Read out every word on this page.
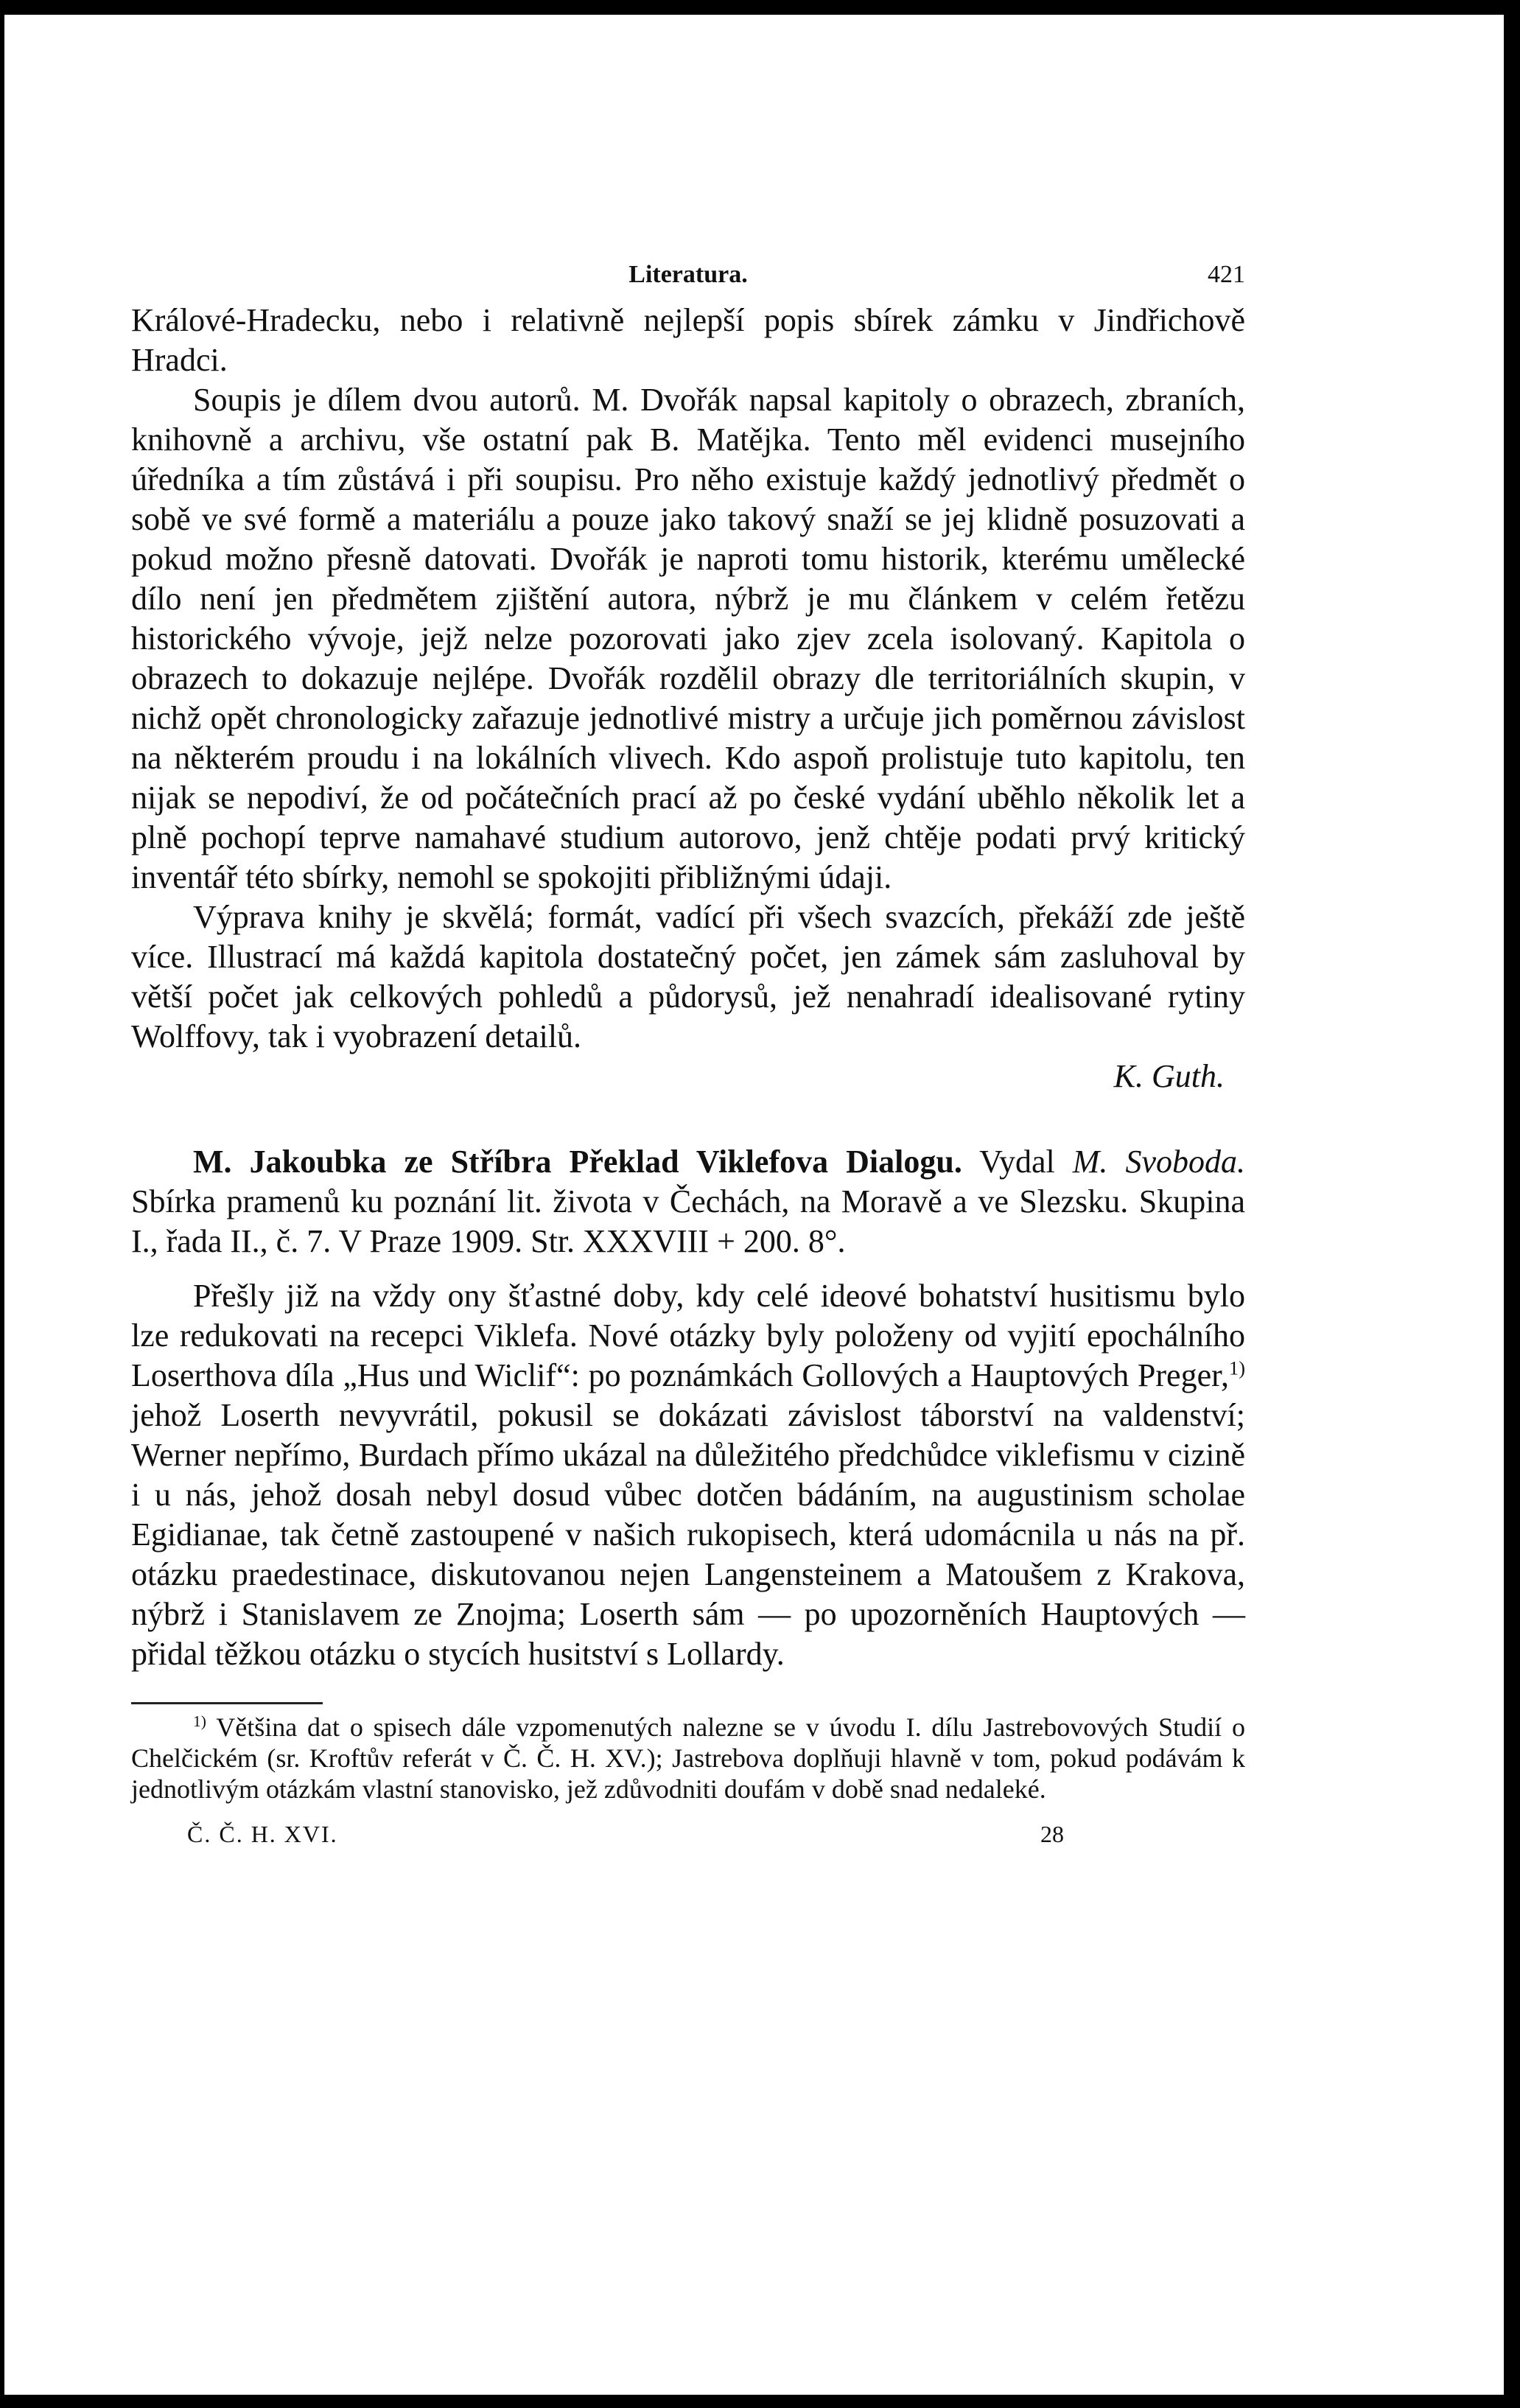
Literatura.	421

Králové-Hradecku, nebo i relativně nejlepší popis sbírek zámku v Jindřichově Hradci.

Soupis je dílem dvou autorů. M. Dvořák napsal kapitoly o obrazech, zbraních, knihovně a archivu, vše ostatní pak B. Matějka. Tento měl evidenci musejního úředníka a tím zůstává i při soupisu. Pro něho existuje každý jednotlivý předmět o sobě ve své formě a materiálu a pouze jako takový snaží se jej klidně posuzovati a pokud možno přesně datovati. Dvořák je naproti tomu historik, kterému umělecké dílo není jen předmětem zjištění autora, nýbrž je mu článkem v celém řetězu historického vývoje, jejž nelze pozorovati jako zjev zcela isolovaný. Kapitola o obrazech to dokazuje nejlépe. Dvořák rozdělil obrazy dle territoriálních skupin, v nichž opět chronologicky zařazuje jednotlivé mistry a určuje jich poměrnou závislost na některém proudu i na lokálních vlivech. Kdo aspoň prolistuje tuto kapitolu, ten nijak se nepodiví, že od počátečních prací až po české vydání uběhlo několik let a plně pochopí teprve namahavé studium autorovo, jenž chtěje podati prvý kritický inventář této sbírky, nemohl se spokojiti přibližnými údaji.

Výprava knihy je skvělá; formát, vadící při všech svazcích, překáží zde ještě více. Illustrací má každá kapitola dostatečný počet, jen zámek sám zasluhoval by větší počet jak celkových pohledů a půdorysů, jež nenahradí idealisované rytiny Wolffovy, tak i vyobrazení detailů.

K. Guth.

M. Jakoubka ze Stříbra Překlad Viklefova Dialogu. Vydal M. Svoboda. Sbírka pramenů ku poznání lit. života v Čechách, na Moravě a ve Slezsku. Skupina I., řada II., č. 7. V Praze 1909. Str. XXXVIII + 200. 8°.

Přešly již na vždy ony šťastné doby, kdy celé ideové bohatství husitismu bylo lze redukovati na recepci Viklefa. Nové otázky byly položeny od vyjití epochálního Loserthova díla „Hus und Wiclif“: po poznámkách Gollových a Hauptových Preger,$^{1)}$ jehož Loserth nevyvrátil, pokusil se dokázati závislost táborství na valdenství; Werner nepřímo, Burdach přímo ukázal na důležitého předchůdce viklefismu v cizině i u nás, jehož dosah nebyl dosud vůbec dotčen bádáním, na augustinism scholae Egidianae, tak četně zastoupené v našich rukopisech, která udomácnila u nás na př. otázku praedestinace, diskutovanou nejen Langensteinem a Matoušem z Krakova, nýbrž i Stanislavem ze Znojma; Loserth sám — po upozorněních Hauptových — přidal těžkou otázku o stycích husitství s Lollardy.

$^{1)}$ Většina dat o spisech dále vzpomenutých nalezne se v úvodu I. dílu Jastrebovových Studií o Chelčickém (sr. Kroftův referát v Č. Č. H. XV.); Jastrebova doplňuji hlavně v tom, pokud podávám k jednotlivým otázkám vlastní stanovisko, jež zdůvodniti doufám v době snad nedaleké.

Č. Č. H. XVI.	28
